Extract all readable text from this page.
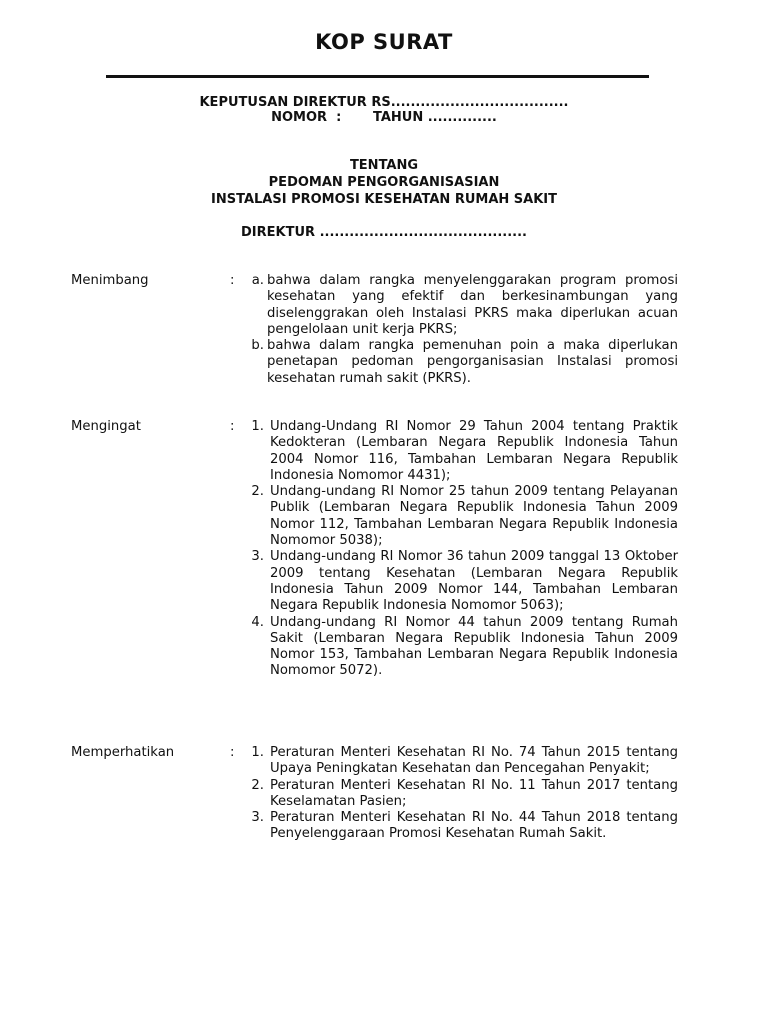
KOP SURAT
KEPUTUSAN DIREKTUR RS....................................
NOMOR  :       TAHUN ..............
TENTANG
PEDOMAN PENGORGANISASIAN
INSTALASI PROMOSI KESEHATAN RUMAH SAKIT
DIREKTUR ..........................................
Menimbang	:	a. bahwa dalam rangka menyelenggarakan program promosi kesehatan yang efektif dan berkesinambungan yang diselenggrakan oleh Instalasi PKRS maka diperlukan acuan pengelolaan unit kerja PKRS;
b. bahwa dalam rangka pemenuhan poin a maka diperlukan penetapan pedoman pengorganisasian Instalasi promosi kesehatan rumah sakit (PKRS).
Mengingat	:	1. Undang-Undang RI Nomor 29 Tahun 2004 tentang Praktik Kedokteran (Lembaran Negara Republik Indonesia Tahun 2004 Nomor 116, Tambahan Lembaran Negara Republik Indonesia Nomomor 4431);
2. Undang-undang RI Nomor 25 tahun 2009 tentang Pelayanan Publik (Lembaran Negara Republik Indonesia Tahun 2009 Nomor 112, Tambahan Lembaran Negara Republik Indonesia Nomomor 5038);
3. Undang-undang RI Nomor 36 tahun 2009 tanggal 13 Oktober 2009 tentang Kesehatan (Lembaran Negara Republik Indonesia Tahun 2009 Nomor 144, Tambahan Lembaran Negara Republik Indonesia Nomomor 5063);
4. Undang-undang RI Nomor 44 tahun 2009 tentang Rumah Sakit (Lembaran Negara Republik Indonesia Tahun 2009 Nomor 153, Tambahan Lembaran Negara Republik Indonesia Nomomor 5072).
Memperhatikan	:	1. Peraturan Menteri Kesehatan RI No. 74 Tahun 2015 tentang Upaya Peningkatan Kesehatan dan Pencegahan Penyakit;
2. Peraturan Menteri Kesehatan RI No. 11 Tahun 2017 tentang Keselamatan Pasien;
3. Peraturan Menteri Kesehatan RI No. 44 Tahun 2018 tentang Penyelenggaraan Promosi Kesehatan Rumah Sakit.
